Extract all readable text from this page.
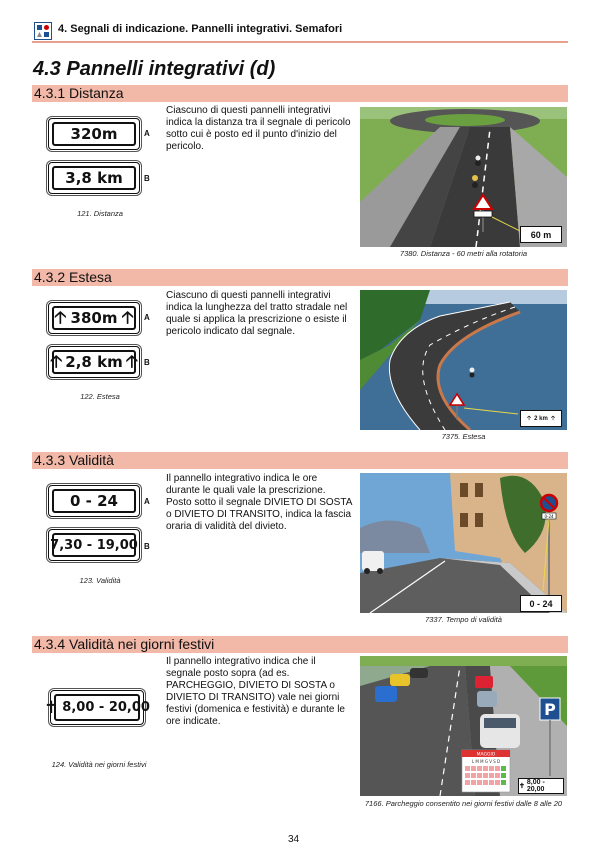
4. Segnali di indicazione. Pannelli integrativi. Semafori
4.3 Pannelli integrativi (d)
4.3.1 Distanza
320m	A
3,8 km	B
121. Distanza
Ciascuno di questi pannelli integrativi indica la distanza tra il segnale di pericolo sotto cui è posto ed il punto d'inizio del pericolo.
60 m
7380. Distanza - 60 metri alla rotatoria
4.3.2 Estesa
🡡 380m 🡡 A
🡡 2,8 km 🡡 B
122. Estesa
Ciascuno di questi pannelli integrativi indica la lunghezza del tratto stradale nel quale si applica la prescrizione o esiste il pericolo indicato dal segnale.
🡡 2 km 🡡
7375. Estesa
4.3.3 Validità
0 - 24	A
7,30 - 19,00 B
123. Validità
Il pannello integrativo indica le ore durante le quali vale la prescrizione. Posto sotto il segnale DIVIETO DI SOSTA o DIVIETO DI TRANSITO, indica la fascia oraria di validità del divieto.
0-24
0 - 24
7337. Tempo di validità
4.3.4 Validità nei giorni festivi
✝ 8,00 - 20,00
124. Validità nei giorni festivi
Il pannello integrativo indica che il segnale posto sopra (ad es. PARCHEGGIO, DIVIETO DI SOSTA o DIVIETO DI TRANSITO) vale nei giorni festivi (domenica e festività) e durante le ore indicate.
P
MAGGIO
L M M G V S D
✝
8,00 - 20,00
7166. Parcheggio consentito nei giorni festivi dalle 8 alle 20
34
